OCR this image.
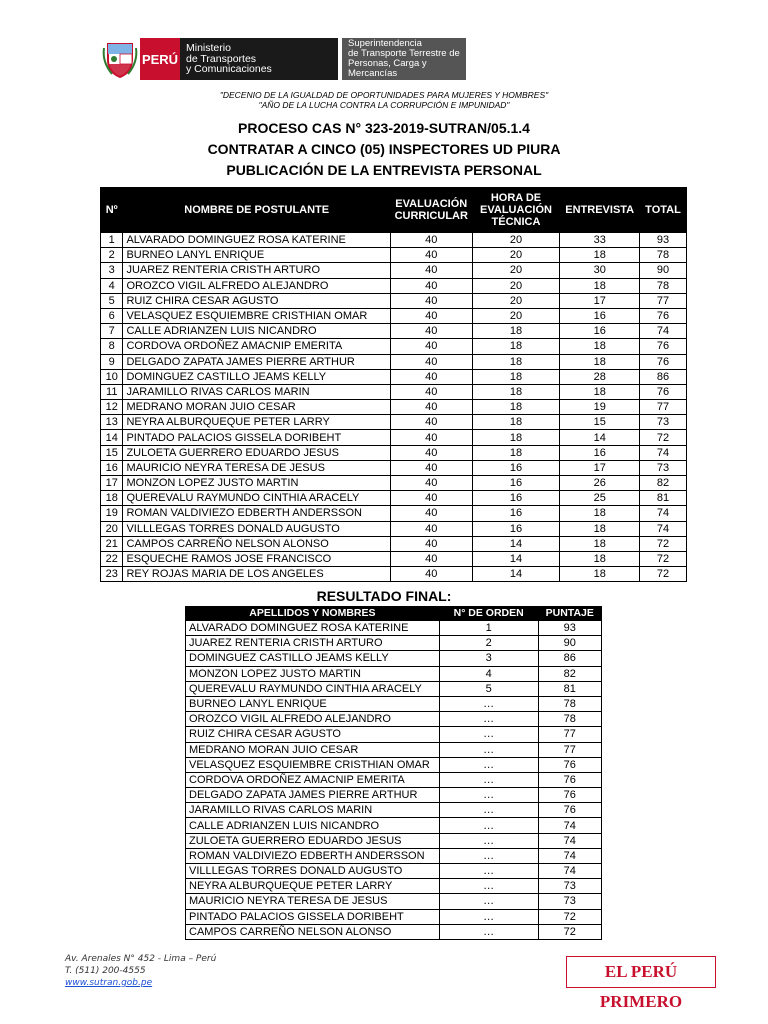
PERÚ
Ministerio
de Transportes
y Comunicaciones
Superintendencia
de Transporte Terrestre de
Personas, Carga y Mercancías
"DECENIO DE LA IGUALDAD DE OPORTUNIDADES PARA MUJERES Y HOMBRES"
"AÑO DE LA LUCHA CONTRA LA CORRUPCIÓN E IMPUNIDAD"
PROCESO CAS N° 323-2019-SUTRAN/05.1.4
CONTRATAR A CINCO (05) INSPECTORES UD PIURA
PUBLICACIÓN DE LA ENTREVISTA PERSONAL
Nº	NOMBRE DE POSTULANTE	EVALUACIÓN CURRICULAR	HORA DE EVALUACIÓN TÉCNICA	ENTREVISTA	TOTAL
1	ALVARADO DOMINGUEZ ROSA KATERINE	40	20	33	93
2	BURNEO LANYL ENRIQUE	40	20	18	78
3	JUAREZ RENTERIA CRISTH ARTURO	40	20	30	90
4	OROZCO VIGIL ALFREDO ALEJANDRO	40	20	18	78
5	RUIZ CHIRA CESAR AGUSTO	40	20	17	77
6	VELASQUEZ ESQUIEMBRE CRISTHIAN OMAR	40	20	16	76
7	CALLE ADRIANZEN LUIS NICANDRO	40	18	16	74
8	CORDOVA ORDOÑEZ AMACNIP EMERITA	40	18	18	76
9	DELGADO ZAPATA JAMES PIERRE ARTHUR	40	18	18	76
10	DOMINGUEZ CASTILLO JEAMS KELLY	40	18	28	86
11	JARAMILLO RIVAS CARLOS MARIN	40	18	18	76
12	MEDRANO MORAN JUIO CESAR	40	18	19	77
13	NEYRA ALBURQUEQUE PETER LARRY	40	18	15	73
14	PINTADO PALACIOS GISSELA DORIBEHT	40	18	14	72
15	ZULOETA GUERRERO EDUARDO JESUS	40	18	16	74
16	MAURICIO NEYRA TERESA DE JESUS	40	16	17	73
17	MONZON LOPEZ JUSTO MARTIN	40	16	26	82
18	QUEREVALU RAYMUNDO CINTHIA ARACELY	40	16	25	81
19	ROMAN VALDIVIEZO EDBERTH ANDERSSON	40	16	18	74
20	VILLLEGAS TORRES DONALD AUGUSTO	40	16	18	74
21	CAMPOS CARREÑO NELSON ALONSO	40	14	18	72
22	ESQUECHE RAMOS JOSE FRANCISCO	40	14	18	72
23	REY ROJAS MARIA DE LOS ANGELES	40	14	18	72
RESULTADO FINAL:
APELLIDOS Y NOMBRES	N° DE ORDEN	PUNTAJE
ALVARADO DOMINGUEZ ROSA KATERINE	1	93
JUAREZ RENTERIA CRISTH ARTURO	2	90
DOMINGUEZ CASTILLO JEAMS KELLY	3	86
MONZON LOPEZ JUSTO MARTIN	4	82
QUEREVALU RAYMUNDO CINTHIA ARACELY	5	81
BURNEO LANYL ENRIQUE	…	78
OROZCO VIGIL ALFREDO ALEJANDRO	…	78
RUIZ CHIRA CESAR AGUSTO	…	77
MEDRANO MORAN JUIO CESAR	…	77
VELASQUEZ ESQUIEMBRE CRISTHIAN OMAR	…	76
CORDOVA ORDOÑEZ AMACNIP EMERITA	…	76
DELGADO ZAPATA JAMES PIERRE ARTHUR	…	76
JARAMILLO RIVAS CARLOS MARIN	…	76
CALLE ADRIANZEN LUIS NICANDRO	…	74
ZULOETA GUERRERO EDUARDO JESUS	…	74
ROMAN VALDIVIEZO EDBERTH ANDERSSON	…	74
VILLLEGAS TORRES DONALD AUGUSTO	…	74
NEYRA ALBURQUEQUE PETER LARRY	…	73
MAURICIO NEYRA TERESA DE JESUS	…	73
PINTADO PALACIOS GISSELA DORIBEHT	…	72
CAMPOS CARREÑO NELSON ALONSO	…	72
Av. Arenales N° 452 - Lima – Perú
T. (511) 200-4555
www.sutran.gob.pe
EL PERÚ PRIMERO
